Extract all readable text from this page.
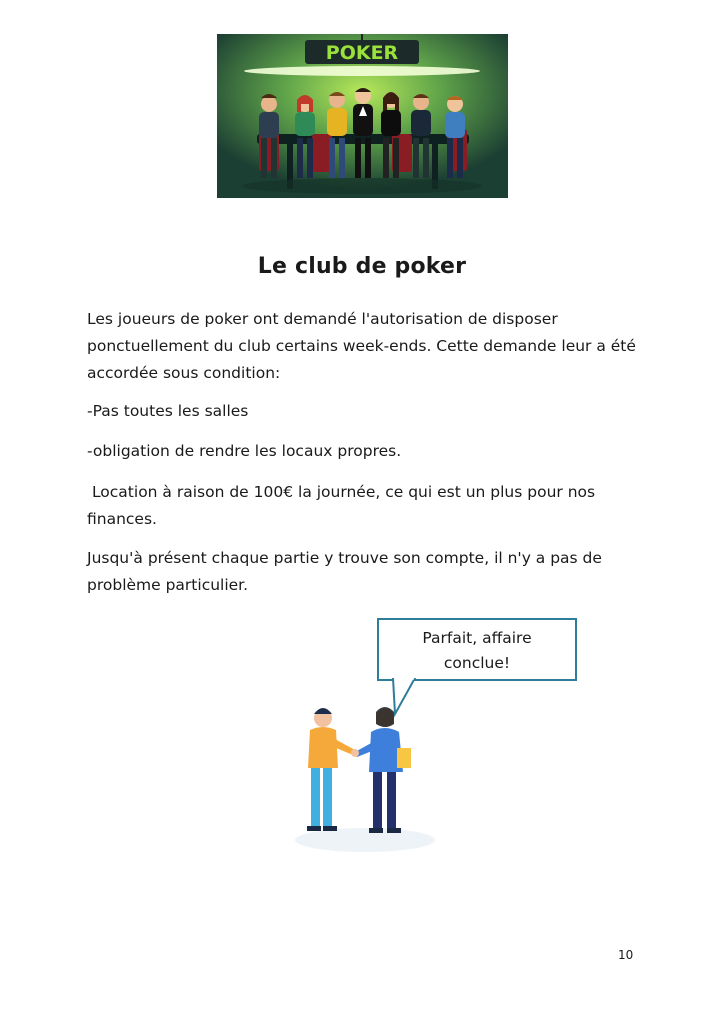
POKER
Le club de poker

Les joueurs de poker ont demandé l'autorisation de disposer ponctuellement du club certains week-ends. Cette demande leur a été accordée sous condition:

-Pas toutes les salles

-obligation de rendre les locaux propres.

Location à raison de 100€ la journée, ce qui est un plus pour nos finances.

Jusqu'à présent chaque partie y trouve son compte, il n'y a pas de problème particulier.

Parfait, affaire
conclue!
10
